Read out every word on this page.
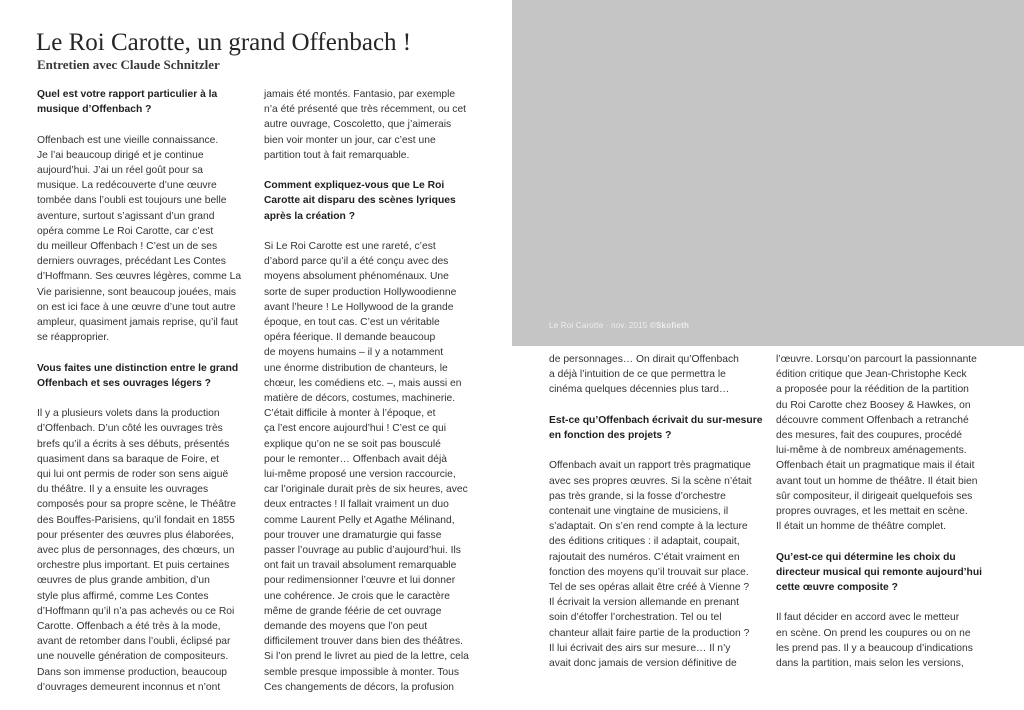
Le Roi Carotte · nov. 2015 ©Skofieth
Le Roi Carotte, un grand Offenbach !
Entretien avec Claude Schnitzler

Quel est votre rapport particulier à la
musique d’Offenbach ?

Offenbach est une vieille connaissance.
Je l’ai beaucoup dirigé et je continue
aujourd’hui. J’ai un réel goût pour sa
musique. La redécouverte d’une œuvre
tombée dans l’oubli est toujours une belle
aventure, surtout s’agissant d’un grand
opéra comme Le Roi Carotte, car c’est
du meilleur Offenbach ! C’est un de ses
derniers ouvrages, précédant Les Contes
d’Hoffmann. Ses œuvres légères, comme La
Vie parisienne, sont beaucoup jouées, mais
on est ici face à une œuvre d’une tout autre
ampleur, quasiment jamais reprise, qu’il faut
se réapproprier.

Vous faites une distinction entre le grand
Offenbach et ses ouvrages légers ?

Il y a plusieurs volets dans la production
d’Offenbach. D’un côté les ouvrages très
brefs qu’il a écrits à ses débuts, présentés
quasiment dans sa baraque de Foire, et
qui lui ont permis de roder son sens aiguë
du théâtre. Il y a ensuite les ouvrages
composés pour sa propre scène, le Théâtre
des Bouffes-Parisiens, qu’il fondait en 1855
pour présenter des œuvres plus élaborées,
avec plus de personnages, des chœurs, un
orchestre plus important. Et puis certaines
œuvres de plus grande ambition, d’un
style plus affirmé, comme Les Contes
d’Hoffmann qu’il n’a pas achevés ou ce Roi
Carotte. Offenbach a été très à la mode,
avant de retomber dans l’oubli, éclipsé par
une nouvelle génération de compositeurs.
Dans son immense production, beaucoup
d’ouvrages demeurent inconnus et n’ont

jamais été montés. Fantasio, par exemple
n’a été présenté que très récemment, ou cet
autre ouvrage, Coscoletto, que j’aimerais
bien voir monter un jour, car c’est une
partition tout à fait remarquable.

Comment expliquez-vous que Le Roi
Carotte ait disparu des scènes lyriques
après la création ?

Si Le Roi Carotte est une rareté, c’est
d’abord parce qu’il a été conçu avec des
moyens absolument phénoménaux. Une
sorte de super production Hollywoodienne
avant l’heure ! Le Hollywood de la grande
époque, en tout cas. C’est un véritable
opéra féerique. Il demande beaucoup
de moyens humains – il y a notamment
une énorme distribution de chanteurs, le
chœur, les comédiens etc. –, mais aussi en
matière de décors, costumes, machinerie.
C’était difficile à monter à l’époque, et
ça l’est encore aujourd’hui ! C’est ce qui
explique qu’on ne se soit pas bousculé
pour le remonter… Offenbach avait déjà
lui-même proposé une version raccourcie,
car l’originale durait près de six heures, avec
deux entractes ! Il fallait vraiment un duo
comme Laurent Pelly et Agathe Mélinand,
pour trouver une dramaturgie qui fasse
passer l’ouvrage au public d’aujourd’hui. Ils
ont fait un travail absolument remarquable
pour redimensionner l’œuvre et lui donner
une cohérence. Je crois que le caractère
même de grande féérie de cet ouvrage
demande des moyens que l’on peut
difficilement trouver dans bien des théâtres.
Si l’on prend le livret au pied de la lettre, cela
semble presque impossible à monter. Tous
Ces changements de décors, la profusion

de personnages… On dirait qu’Offenbach
a déjà l’intuition de ce que permettra le
cinéma quelques décennies plus tard…

Est-ce qu’Offenbach écrivait du sur-mesure
en fonction des projets ?

Offenbach avait un rapport très pragmatique
avec ses propres œuvres. Si la scène n’était
pas très grande, si la fosse d’orchestre
contenait une vingtaine de musiciens, il
s’adaptait. On s’en rend compte à la lecture
des éditions critiques : il adaptait, coupait,
rajoutait des numéros. C’était vraiment en
fonction des moyens qu’il trouvait sur place.
Tel de ses opéras allait être créé à Vienne ?
Il écrivait la version allemande en prenant
soin d’étoffer l’orchestration. Tel ou tel
chanteur allait faire partie de la production ?
Il lui écrivait des airs sur mesure… Il n’y
avait donc jamais de version définitive de

l’œuvre. Lorsqu’on parcourt la passionnante
édition critique que Jean-Christophe Keck
a proposée pour la réédition de la partition
du Roi Carotte chez Boosey & Hawkes, on
découvre comment Offenbach a retranché
des mesures, fait des coupures, procédé
lui-même à de nombreux aménagements.
Offenbach était un pragmatique mais il était
avant tout un homme de théâtre. Il était bien
sûr compositeur, il dirigeait quelquefois ses
propres ouvrages, et les mettait en scène.
Il était un homme de théâtre complet.

Qu’est-ce qui détermine les choix du
directeur musical qui remonte aujourd’hui
cette œuvre composite ?

Il faut décider en accord avec le metteur
en scène. On prend les coupures ou on ne
les prend pas. Il y a beaucoup d’indications
dans la partition, mais selon les versions,
